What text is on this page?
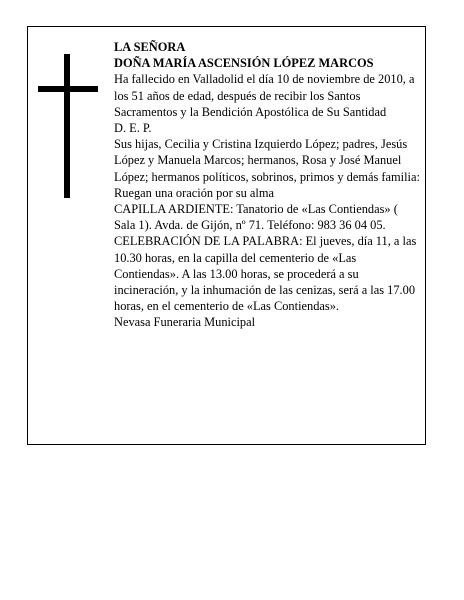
LA SEÑORA

DOÑA MARÍA ASCENSIÓN LÓPEZ MARCOS

Ha fallecido en Valladolid el día 10 de noviembre de 2010, a los 51 años de edad, después de recibir los Santos Sacramentos y la Bendición Apostólica de Su Santidad

D. E. P.

Sus hijas, Cecilia y Cristina Izquierdo López; padres, Jesús López y Manuela Marcos; hermanos, Rosa y José Manuel López; hermanos políticos, sobrinos, primos y demás familia:

Ruegan una oración por su alma

CAPILLA ARDIENTE: Tanatorio de «Las Contiendas» ( Sala 1). Avda. de Gijón, nº 71. Teléfono: 983 36 04 05.

CELEBRACIÓN DE LA PALABRA: El jueves, día 11, a las 10.30 horas, en la capilla del cementerio de «Las Contiendas». A las 13.00 horas, se procederá a su incineración, y la inhumación de las cenizas, será a las 17.00 horas, en el cementerio de «Las Contiendas».

Nevasa Funeraria Municipal
